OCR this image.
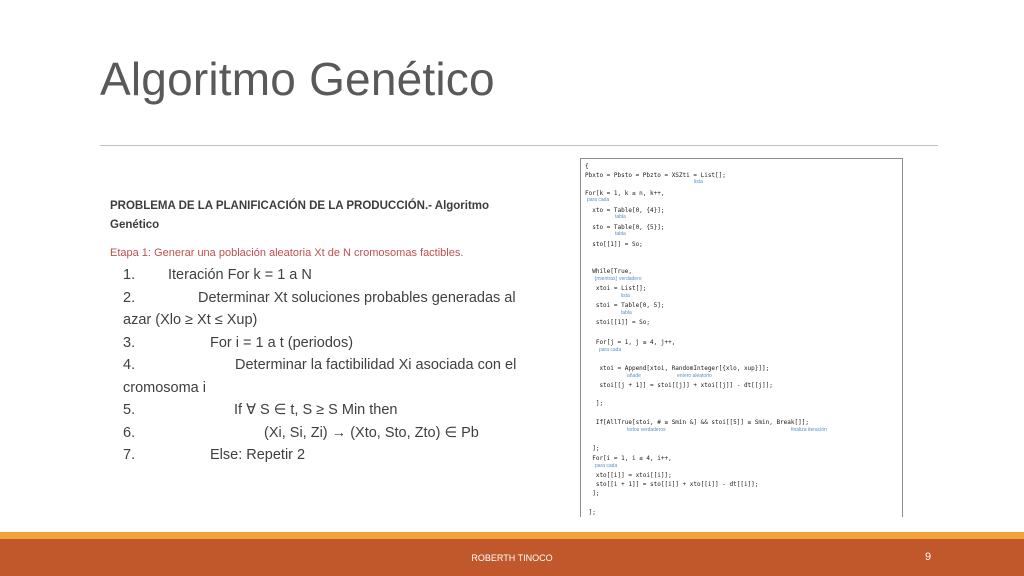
Algoritmo Genético
PROBLEMA DE LA PLANIFICACIÓN DE LA PRODUCCIÓN.- Algoritmo Genético
Etapa 1: Generar una población aleatoria Xt de N cromosomas factibles.
1. Iteración For k = 1 a N
2.	Determinar Xt soluciones probables generadas al
azar (Xlo ≥ Xt ≤ Xup)
3.	For i = 1 a t (periodos)
4.	Determinar la factibilidad Xi asociada con el
cromosoma i
5.	If ∀ S ∈ t, S ≥ S Min then
6.	(Xi, Si, Zi) → (Xto, Sto, Zto) ∈ Pb
7.	Else: Repetir 2
{
Pbxto = Pbsto = Pbzto = XSZti = List[];
lista
For[k = 1, k ≤ n, k++,
para cada
xto = Table[0, {4}];
tabla
sto = Table[0, {5}];
tabla
sto[[1]] = So;
While[True,
[mientras] verdadero
xtoi = List[];
lista
stoi = Table[0, 5];
tabla
stoi[[1]] = So;
For[j = 1, j ≤ 4, j++,
para cada
xtoi = Append[xtoi, RandomInteger[{xlo, xup}]];
añade	entero aleatorio
stoi[[j + 1]] = stoi[[j]] + xtoi[[j]] - dt[[j]];
];
If[AllTrue[stoi, # ≥ Smin &] && stoi[[5]] ≥ Smin, Break[]];
todos verdaderos	finaliza iteración
];
For[i = 1, i ≤ 4, i++,
para cada
xto[[i]] = xtoi[[i]];
sto[[i + 1]] = sto[[i]] + xto[[i]] - dt[[i]];
];
];
ROBERTH TINOCO	9
